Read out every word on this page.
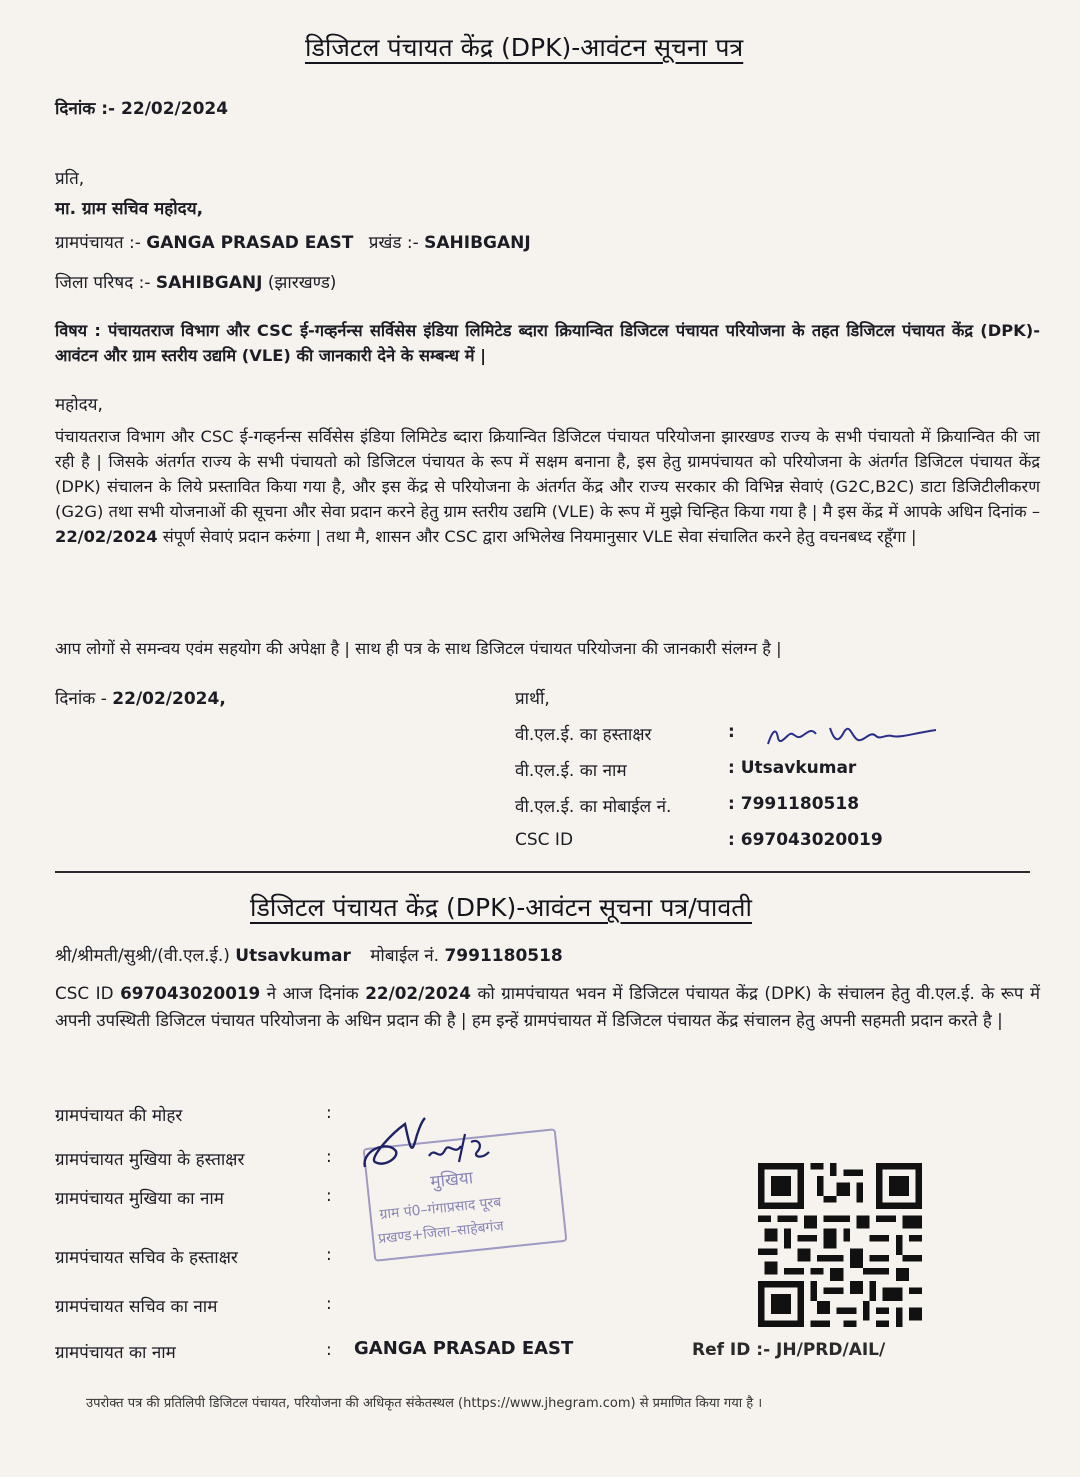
डिजिटल पंचायत केंद्र (DPK)-आवंटन सूचना पत्र
दिनांक :- 22/02/2024
प्रति,
मा. ग्राम सचिव महोदय,
ग्रामपंचायत :- GANGA PRASAD EAST प्रखंड :- SAHIBGANJ
जिला परिषद :- SAHIBGANJ (झारखण्ड)
विषय : पंचायतराज विभाग और CSC ई-गव्हर्नन्स सर्विसेस इंडिया लिमिटेड ब्दारा क्रियान्वित डिजिटल पंचायत परियोजना के तहत डिजिटल पंचायत केंद्र (DPK)-आवंटन और ग्राम स्तरीय उद्यमि (VLE) की जानकारी देने के सम्बन्ध में |
महोदय,
पंचायतराज विभाग और CSC ई-गव्हर्नन्स सर्विसेस इंडिया लिमिटेड ब्दारा क्रियान्वित डिजिटल पंचायत परियोजना झारखण्ड राज्य के सभी पंचायतो में क्रियान्वित की जा रही है | जिसके अंतर्गत राज्य के सभी पंचायतो को डिजिटल पंचायत के रूप में सक्षम बनाना है, इस हेतु ग्रामपंचायत को परियोजना के अंतर्गत डिजिटल पंचायत केंद्र (DPK) संचालन के लिये प्रस्तावित किया गया है, और इस केंद्र से परियोजना के अंतर्गत केंद्र और राज्य सरकार की विभिन्न सेवाएं (G2C,B2C) डाटा डिजिटीलीकरण (G2G) तथा सभी योजनाओं की सूचना और सेवा प्रदान करने हेतु ग्राम स्तरीय उद्यमि (VLE) के रूप में मुझे चिन्हित किया गया है | मै इस केंद्र में आपके अधिन दिनांक – 22/02/2024 संपूर्ण सेवाएं प्रदान करुंगा | तथा मै, शासन और CSC द्वारा अभिलेख नियमानुसार VLE सेवा संचालित करने हेतु वचनबध्द रहूँगा |
आप लोगों से समन्वय एवंम सहयोग की अपेक्षा है | साथ ही पत्र के साथ डिजिटल पंचायत परियोजना की जानकारी संलग्न है |
दिनांक - 22/02/2024,	प्रार्थी,
वी.एल.ई. का हस्ताक्षर	:
वी.एल.ई. का नाम	: Utsavkumar
वी.एल.ई. का मोबाईल नं.	: 7991180518
CSC ID	: 697043020019
डिजिटल पंचायत केंद्र (DPK)-आवंटन सूचना पत्र/पावती
श्री/श्रीमती/सुश्री/(वी.एल.ई.) Utsavkumar मोबाईल नं. 7991180518
CSC ID 697043020019 ने आज दिनांक 22/02/2024 को ग्रामपंचायत भवन में डिजिटल पंचायत केंद्र (DPK) के संचालन हेतु वी.एल.ई. के रूप में अपनी उपस्थिती डिजिटल पंचायत परियोजना के अधिन प्रदान की है | हम इन्हें ग्रामपंचायत में डिजिटल पंचायत केंद्र संचालन हेतु अपनी सहमती प्रदान करते है |
ग्रामपंचायत की मोहर	:
ग्रामपंचायत मुखिया के हस्ताक्षर	:
ग्रामपंचायत मुखिया का नाम	:
ग्रामपंचायत सचिव के हस्ताक्षर	:
ग्रामपंचायत सचिव का नाम	:
ग्रामपंचायत का नाम	: GANGA PRASAD EAST
मुखिया
ग्राम पं0–गंगाप्रसाद पूरब
प्रखण्ड+जिला–साहेबगंज
Ref ID :- JH/PRD/AIL/
उपरोक्त पत्र की प्रतिलिपी डिजिटल पंचायत, परियोजना की अधिकृत संकेतस्थल (https://www.jhegram.com) से प्रमाणित किया गया है ।
